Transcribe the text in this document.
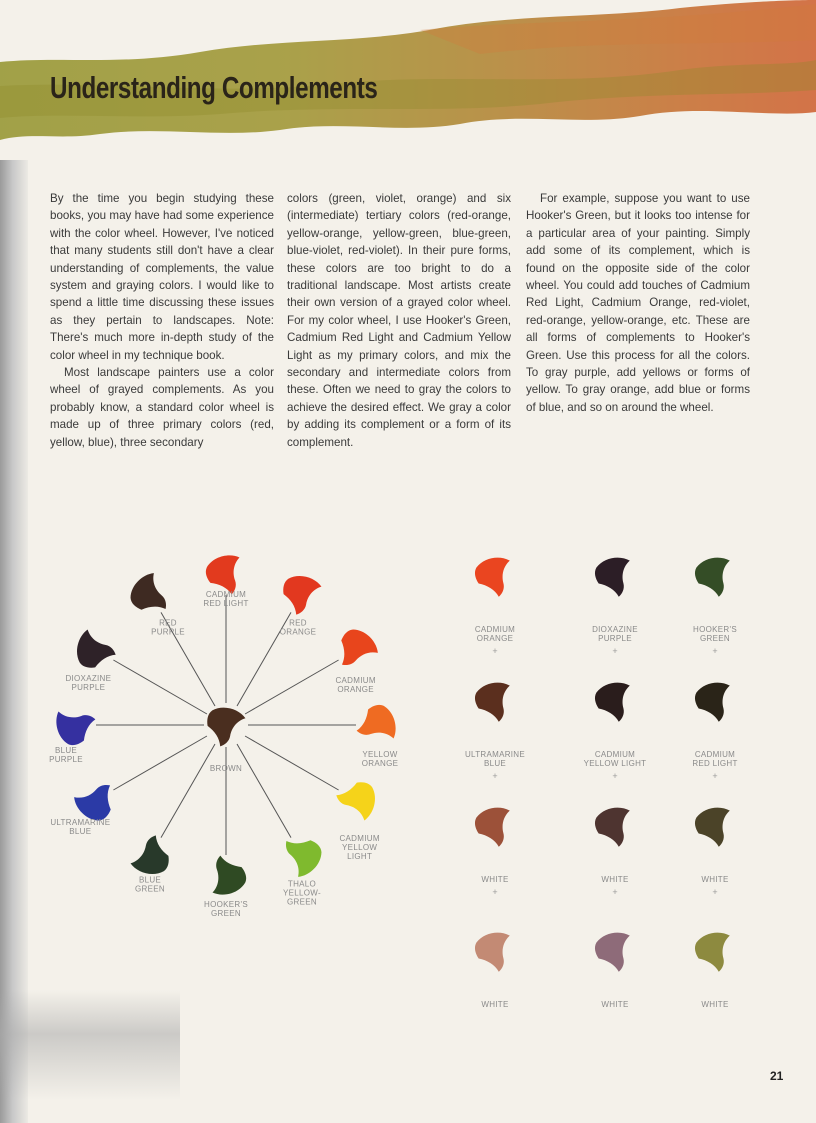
Understanding Complements

By the time you begin studying these books, you may have had some experience with the color wheel. However, I've noticed that many students still don't have a clear understanding of complements, the value system and graying colors. I would like to spend a little time discussing these issues as they pertain to landscapes. Note: There's much more in-depth study of the color wheel in my technique book.

Most landscape painters use a color wheel of grayed complements. As you probably know, a standard color wheel is made up of three primary colors (red, yellow, blue), three secondary

colors (green, violet, orange) and six (intermediate) tertiary colors (red-orange, yellow-orange, yellow-green, blue-green, blue-violet, red-violet). In their pure forms, these colors are too bright to do a traditional landscape. Most artists create their own version of a grayed color wheel. For my color wheel, I use Hooker's Green, Cadmium Red Light and Cadmium Yellow Light as my primary colors, and mix the secondary and intermediate colors from these. Often we need to gray the colors to achieve the desired effect. We gray a color by adding its complement or a form of its complement.

For example, suppose you want to use Hooker's Green, but it looks too intense for a particular area of your painting. Simply add some of its complement, which is found on the opposite side of the color wheel. You could add touches of Cadmium Red Light, Cadmium Orange, red-violet, red-orange, yellow-orange, etc. These are all forms of complements to Hooker's Green. Use this process for all the colors. To gray purple, add yellows or forms of yellow. To gray orange, add blue or forms of blue, and so on around the wheel.

CADMIUM RED LIGHT
RED ORANGE
CADMIUM ORANGE
YELLOW ORANGE
CADMIUM YELLOW LIGHT
THALO YELLOW-GREEN
HOOKER'S GREEN
BLUE GREEN
ULTRAMARINE BLUE
BLUE PURPLE
DIOXAZINE PURPLE
RED PURPLE
BROWN
CADMIUM ORANGE
+
DIOXAZINE PURPLE
+
HOOKER'S GREEN
+
ULTRAMARINE BLUE
+
CADMIUM YELLOW LIGHT
+
CADMIUM RED LIGHT
+
WHITE
+
WHITE
+
WHITE
+
WHITE	WHITE	WHITE
21
